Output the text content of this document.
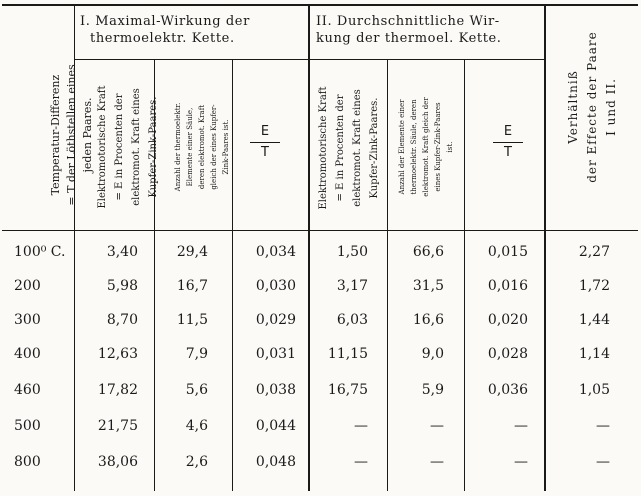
Temperatur-Differenz
= T der Löthstellen eines
jeden Paares.
I. Maximal-Wirkung der
thermoelektr. Kette.
II. Durchschnittliche Wir-
kung der thermoel. Kette.
Elektromotorische Kraft
= E in Procenten der
elektromot. Kraft eines
Kupfer-Zink-Paares.	Anzahl der thermoelektr.
Elemente einer Säule,
deren elektromot. Kraft
gleich der eines Kupfer-
Zink-Paares ist.	E
T	Elektromotorische Kraft
= E in Procenten der
elektromot. Kraft eines
Kupfer-Zink-Paares.	Anzahl der Elemente einer
thermoelektr. Säule, deren
elektromot. Kraft gleich der
eines Kupfer-Zink-Paares
ist.
E
T
Verhältniß
der Effecte der Paare
I und II.
100⁰ C.	3,40	29,4	0,034	1,50	66,6	0,015	2,27
200	5,98	16,7	0,030	3,17	31,5	0,016	1,72
300	8,70	11,5	0,029	6,03	16,6	0,020	1,44
400	12,63	7,9	0,031	11,15	9,0	0,028	1,14
460	17,82	5,6	0,038	16,75	5,9	0,036	1,05
500	21,75	4,6	0,044	—	—	—	—
800	38,06	2,6	0,048	—	—	—	—
